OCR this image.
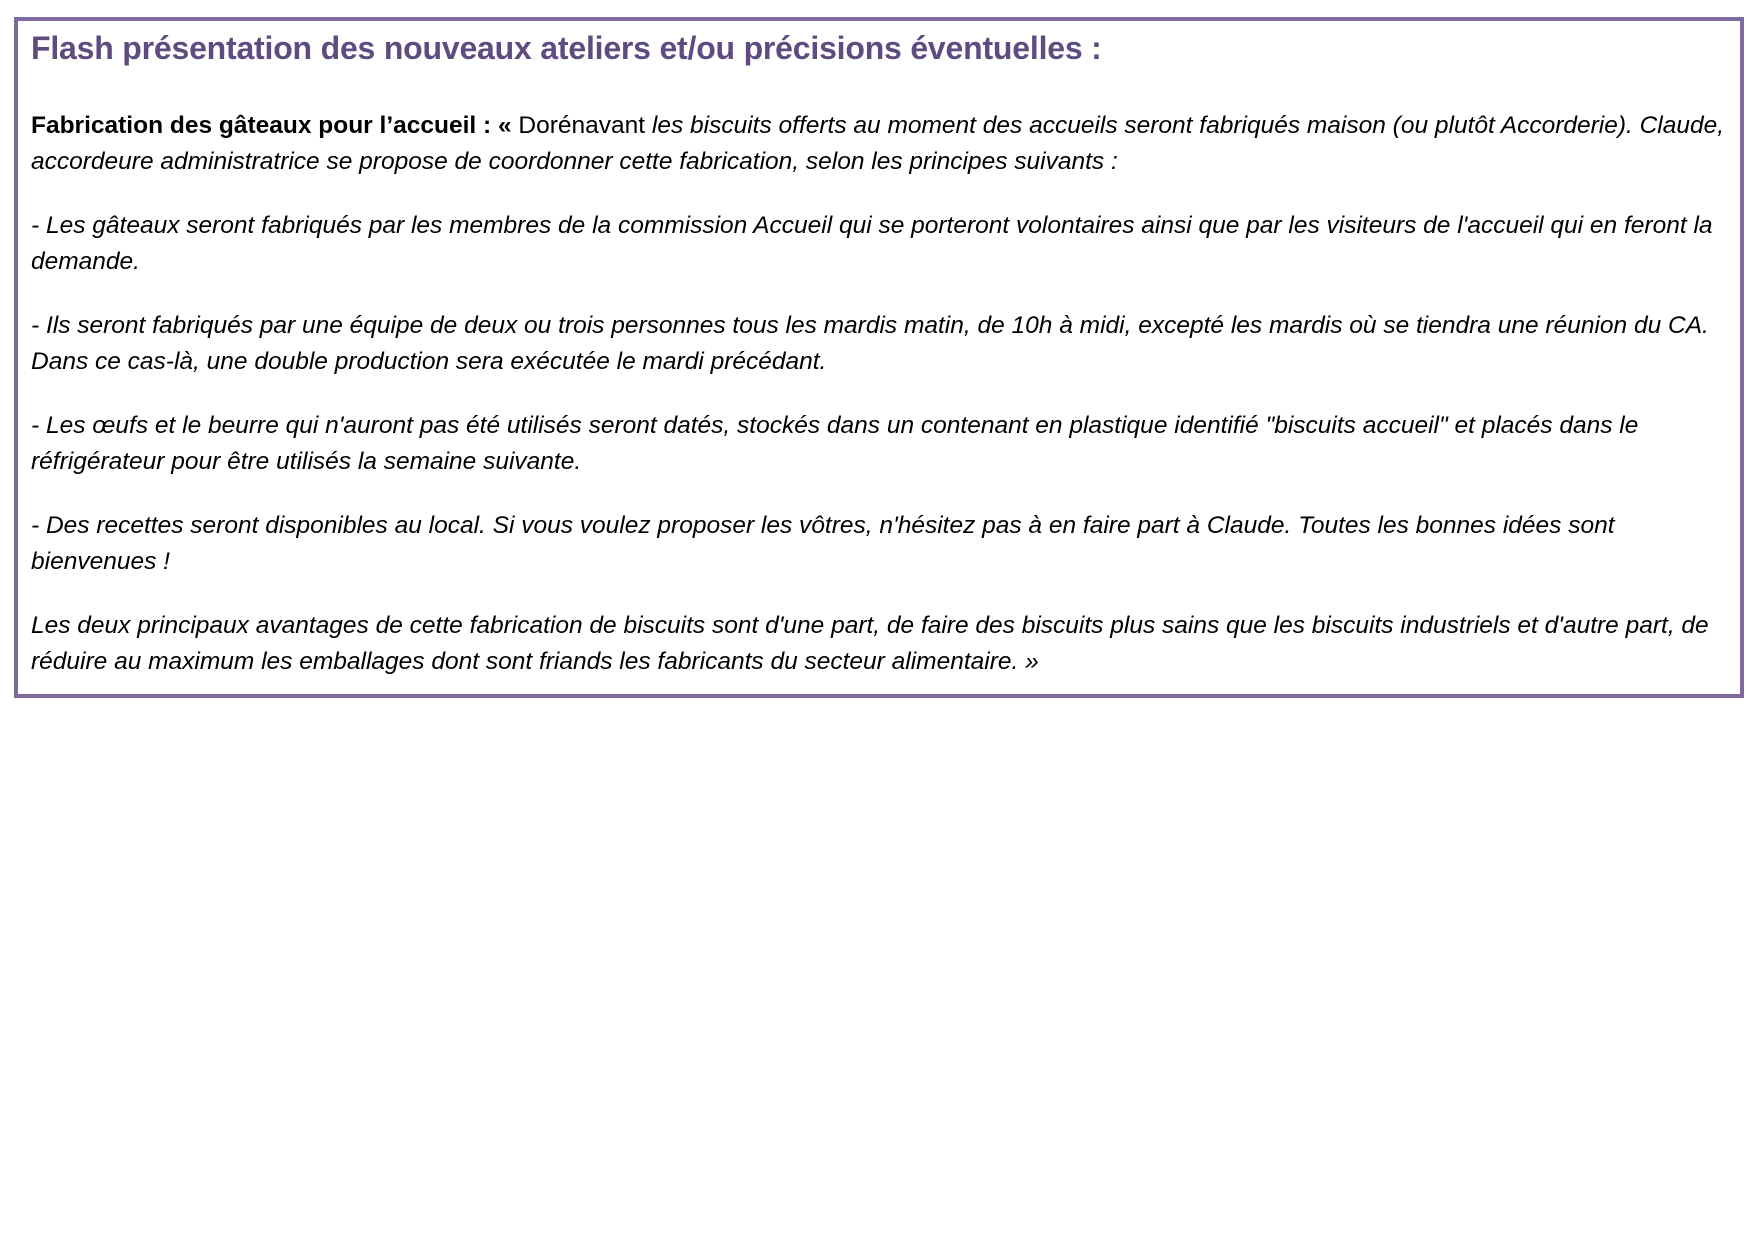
Flash présentation des nouveaux ateliers et/ou précisions éventuelles :

Fabrication des gâteaux pour l’accueil : « Dorénavant les biscuits offerts au moment des accueils seront fabriqués maison (ou plutôt Accorderie). Claude, accordeure administratrice se propose de coordonner cette fabrication, selon les principes suivants :

- Les gâteaux seront fabriqués par les membres de la commission Accueil qui se porteront volontaires ainsi que par les visiteurs de l'accueil qui en feront la demande.

- Ils seront fabriqués par une équipe de deux ou trois personnes tous les mardis matin, de 10h à midi, excepté les mardis où se tiendra une réunion du CA. Dans ce cas-là, une double production sera exécutée le mardi précédant.

- Les œufs et le beurre qui n'auront pas été utilisés seront datés, stockés dans un contenant en plastique identifié "biscuits accueil" et placés dans le réfrigérateur pour être utilisés la semaine suivante.

- Des recettes seront disponibles au local. Si vous voulez proposer les vôtres, n'hésitez pas à en faire part à Claude. Toutes les bonnes idées sont bienvenues !

Les deux principaux avantages de cette fabrication de biscuits sont d'une part, de faire des biscuits plus sains que les biscuits industriels et d'autre part, de réduire au maximum les emballages dont sont friands les fabricants du secteur alimentaire. »
